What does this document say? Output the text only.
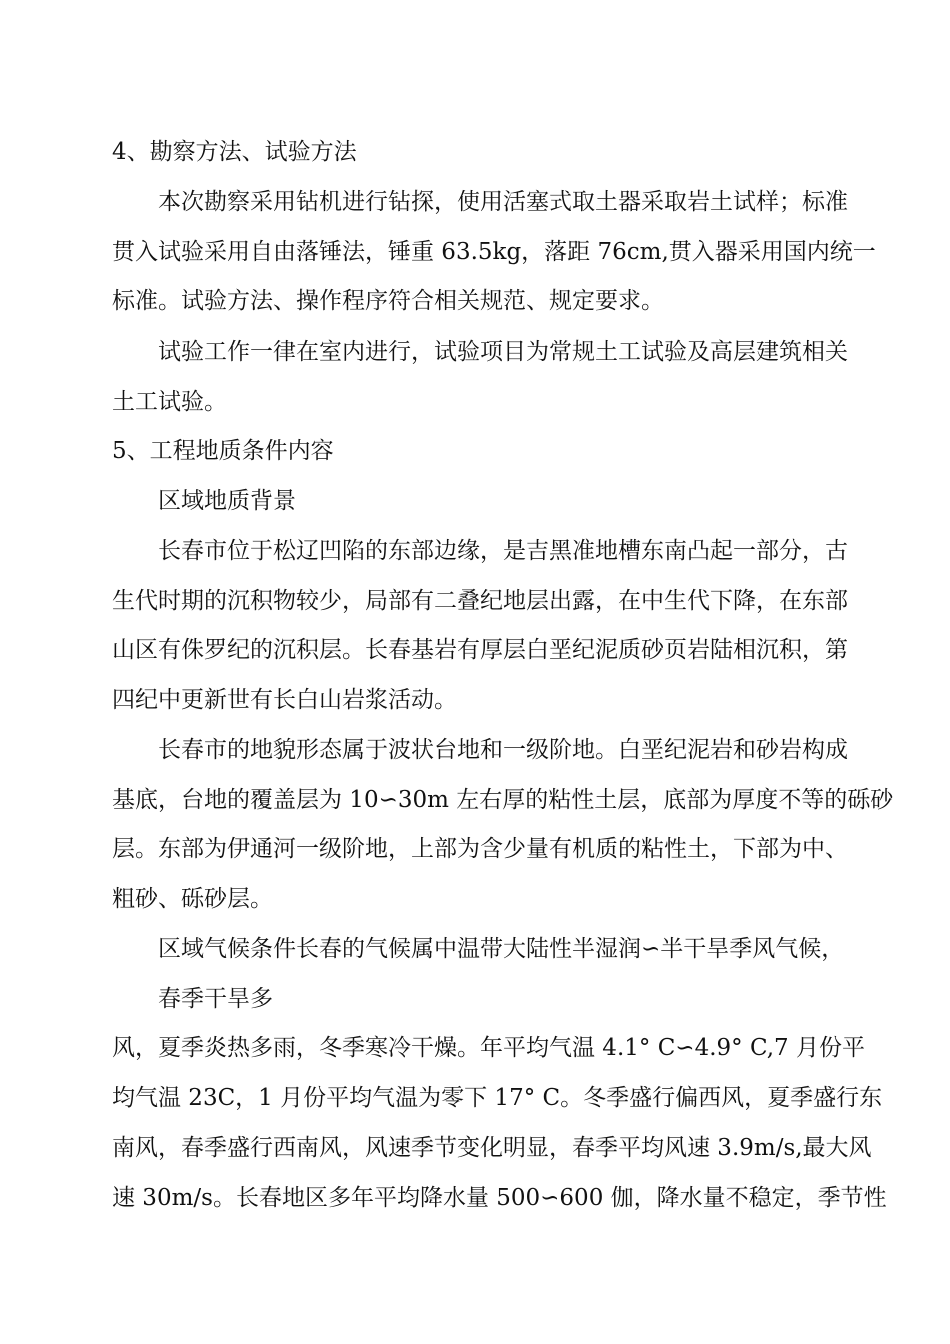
4、勘察方法、试验方法
本次勘察采用钻机进行钻探，使用活塞式取土器采取岩土试样；标准
贯入试验采用自由落锤法，锤重 63.5kg，落距 76cm,贯入器采用国内统一
标准。试验方法、操作程序符合相关规范、规定要求。
试验工作一律在室内进行，试验项目为常规土工试验及高层建筑相关
土工试验。
5、工程地质条件内容
区域地质背景
长春市位于松辽凹陷的东部边缘，是吉黑准地槽东南凸起一部分，古
生代时期的沉积物较少，局部有二叠纪地层出露，在中生代下降，在东部
山区有侏罗纪的沉积层。长春基岩有厚层白垩纪泥质砂页岩陆相沉积，第
四纪中更新世有长白山岩浆活动。
长春市的地貌形态属于波状台地和一级阶地。白垩纪泥岩和砂岩构成
基底，台地的覆盖层为 10∽30m 左右厚的粘性土层，底部为厚度不等的砾砂
层。东部为伊通河一级阶地，上部为含少量有机质的粘性土，下部为中、
粗砂、砾砂层。
区域气候条件长春的气候属中温带大陆性半湿润∽半干旱季风气候，
春季干旱多
风，夏季炎热多雨，冬季寒冷干燥。年平均气温 4.1° C∽4.9° C,7 月份平
均气温 23C，1 月份平均气温为零下 17° C。冬季盛行偏西风，夏季盛行东
南风，春季盛行西南风，风速季节变化明显，春季平均风速 3.9m/s,最大风
速 30m/s。长春地区多年平均降水量 500∽600 伽，降水量不稳定，季节性
